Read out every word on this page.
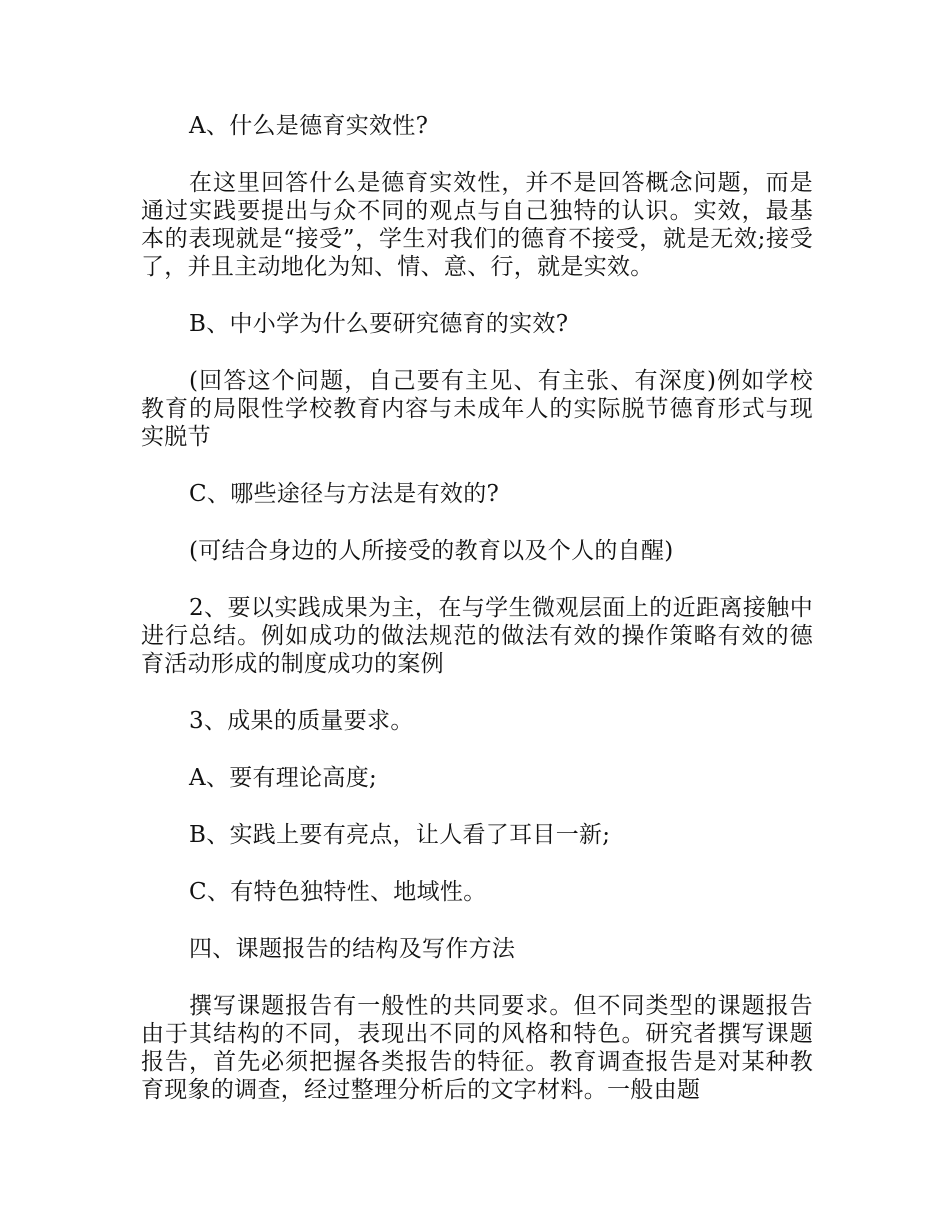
A、什么是德育实效性?

在这里回答什么是德育实效性，并不是回答概念问题，而是通过实践要提出与众不同的观点与自己独特的认识。实效，最基本的表现就是“接受”，学生对我们的德育不接受，就是无效;接受了，并且主动地化为知、情、意、行，就是实效。

B、中小学为什么要研究德育的实效?

(回答这个问题，自己要有主见、有主张、有深度)例如学校教育的局限性学校教育内容与未成年人的实际脱节德育形式与现实脱节

C、哪些途径与方法是有效的?

(可结合身边的人所接受的教育以及个人的自醒)

2、要以实践成果为主，在与学生微观层面上的近距离接触中进行总结。例如成功的做法规范的做法有效的操作策略有效的德育活动形成的制度成功的案例

3、成果的质量要求。

A、要有理论高度;

B、实践上要有亮点，让人看了耳目一新;

C、有特色独特性、地域性。

四、课题报告的结构及写作方法

撰写课题报告有一般性的共同要求。但不同类型的课题报告由于其结构的不同，表现出不同的风格和特色。研究者撰写课题报告，首先必须把握各类报告的特征。教育调查报告是对某种教育现象的调查，经过整理分析后的文字材料。一般由题
